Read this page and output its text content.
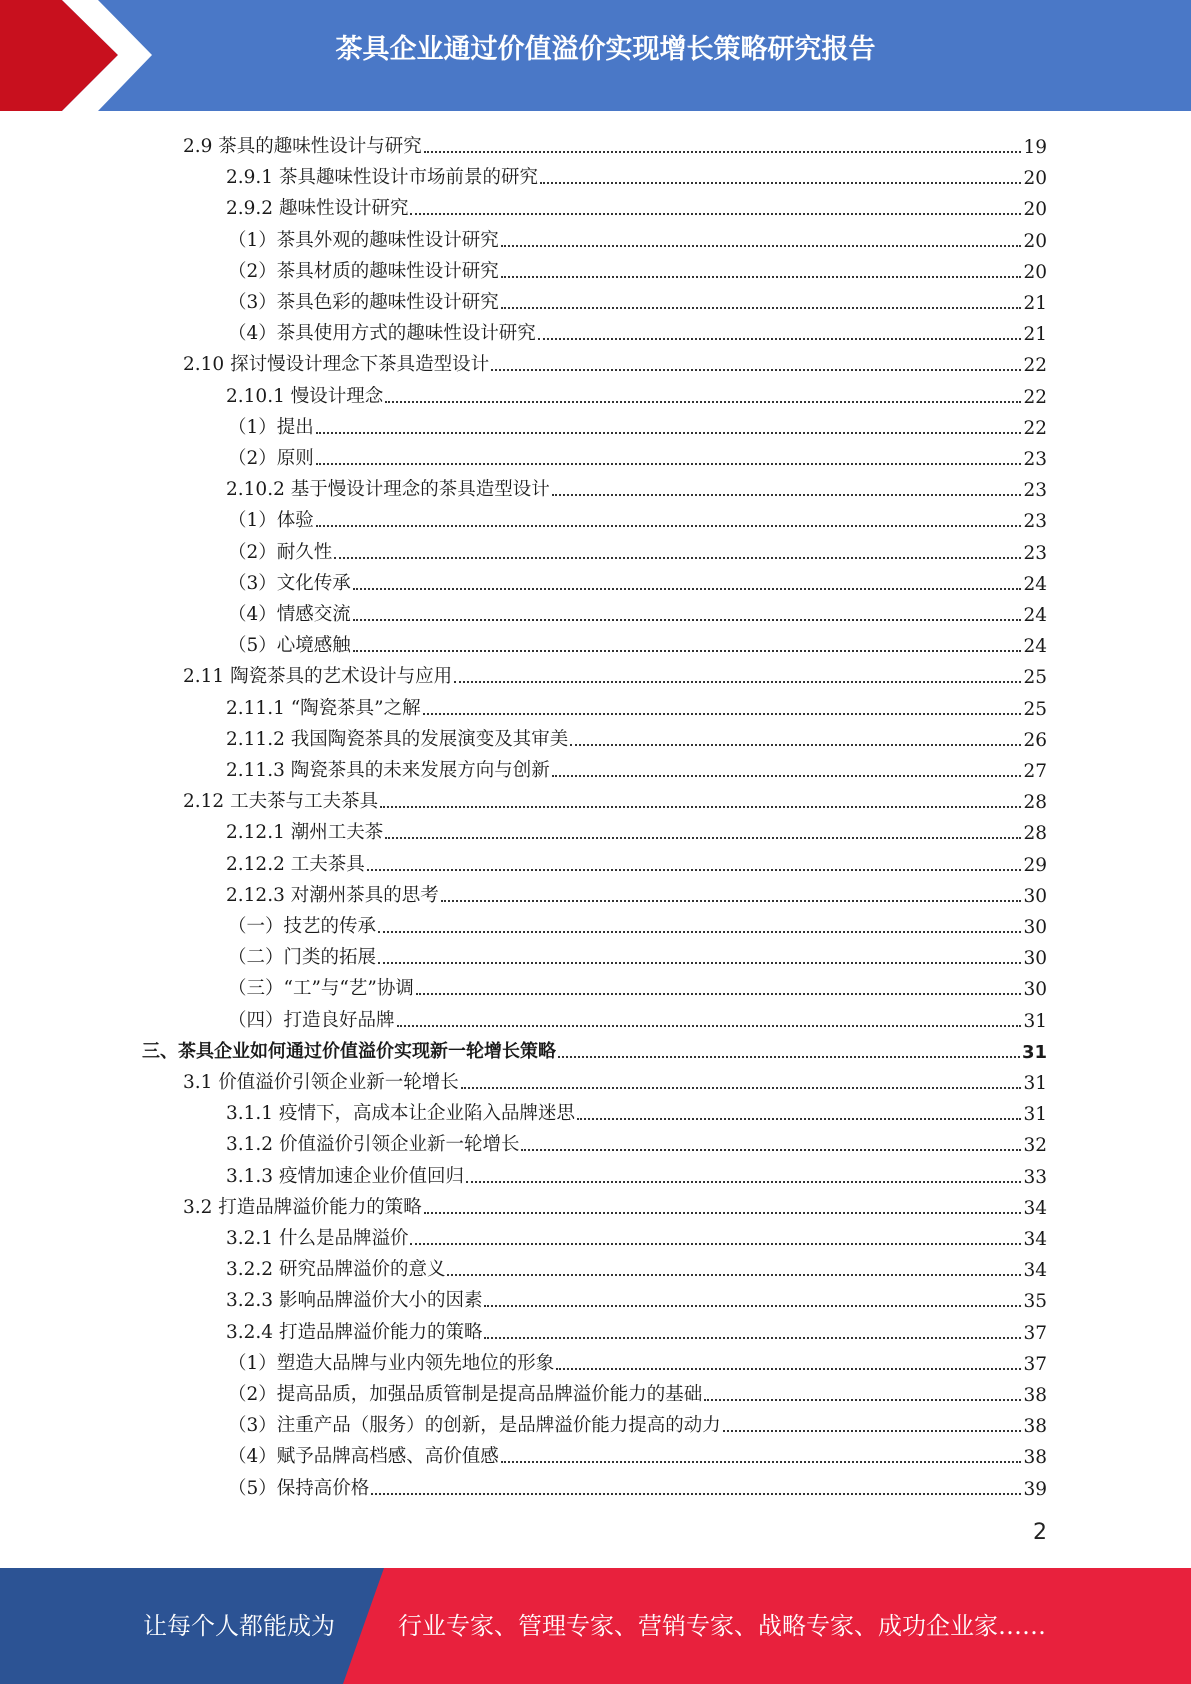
茶具企业通过价值溢价实现增长策略研究报告
2.9 茶具的趣味性设计与研究	19
2.9.1 茶具趣味性设计市场前景的研究	20
2.9.2 趣味性设计研究	20
（1）茶具外观的趣味性设计研究	20
（2）茶具材质的趣味性设计研究	20
（3）茶具色彩的趣味性设计研究	21
（4）茶具使用方式的趣味性设计研究	21
2.10 探讨慢设计理念下茶具造型设计	22
2.10.1 慢设计理念	22
（1）提出	22
（2）原则	23
2.10.2 基于慢设计理念的茶具造型设计	23
（1）体验	23
（2）耐久性	23
（3）文化传承	24
（4）情感交流	24
（5）心境感触	24
2.11 陶瓷茶具的艺术设计与应用	25
2.11.1 “陶瓷茶具”之解	25
2.11.2 我国陶瓷茶具的发展演变及其审美	26
2.11.3 陶瓷茶具的未来发展方向与创新	27
2.12 工夫茶与工夫茶具	28
2.12.1 潮州工夫茶	28
2.12.2 工夫茶具	29
2.12.3 对潮州茶具的思考	30
（一）技艺的传承	30
（二）门类的拓展	30
（三）“工”与“艺”协调	30
（四）打造良好品牌	31
三、茶具企业如何通过价值溢价实现新一轮增长策略	31
3.1 价值溢价引领企业新一轮增长	31
3.1.1 疫情下，高成本让企业陷入品牌迷思	31
3.1.2 价值溢价引领企业新一轮增长	32
3.1.3 疫情加速企业价值回归	33
3.2 打造品牌溢价能力的策略	34
3.2.1 什么是品牌溢价	34
3.2.2 研究品牌溢价的意义	34
3.2.3 影响品牌溢价大小的因素	35
3.2.4 打造品牌溢价能力的策略	37
（1）塑造大品牌与业内领先地位的形象	37
（2）提高品质，加强品质管制是提高品牌溢价能力的基础	38
（3）注重产品（服务）的创新，是品牌溢价能力提高的动力	38
（4）赋予品牌高档感、高价值感	38
（5）保持高价格	39
2
让每个人都能成为	行业专家、管理专家、营销专家、战略专家、成功企业家……
